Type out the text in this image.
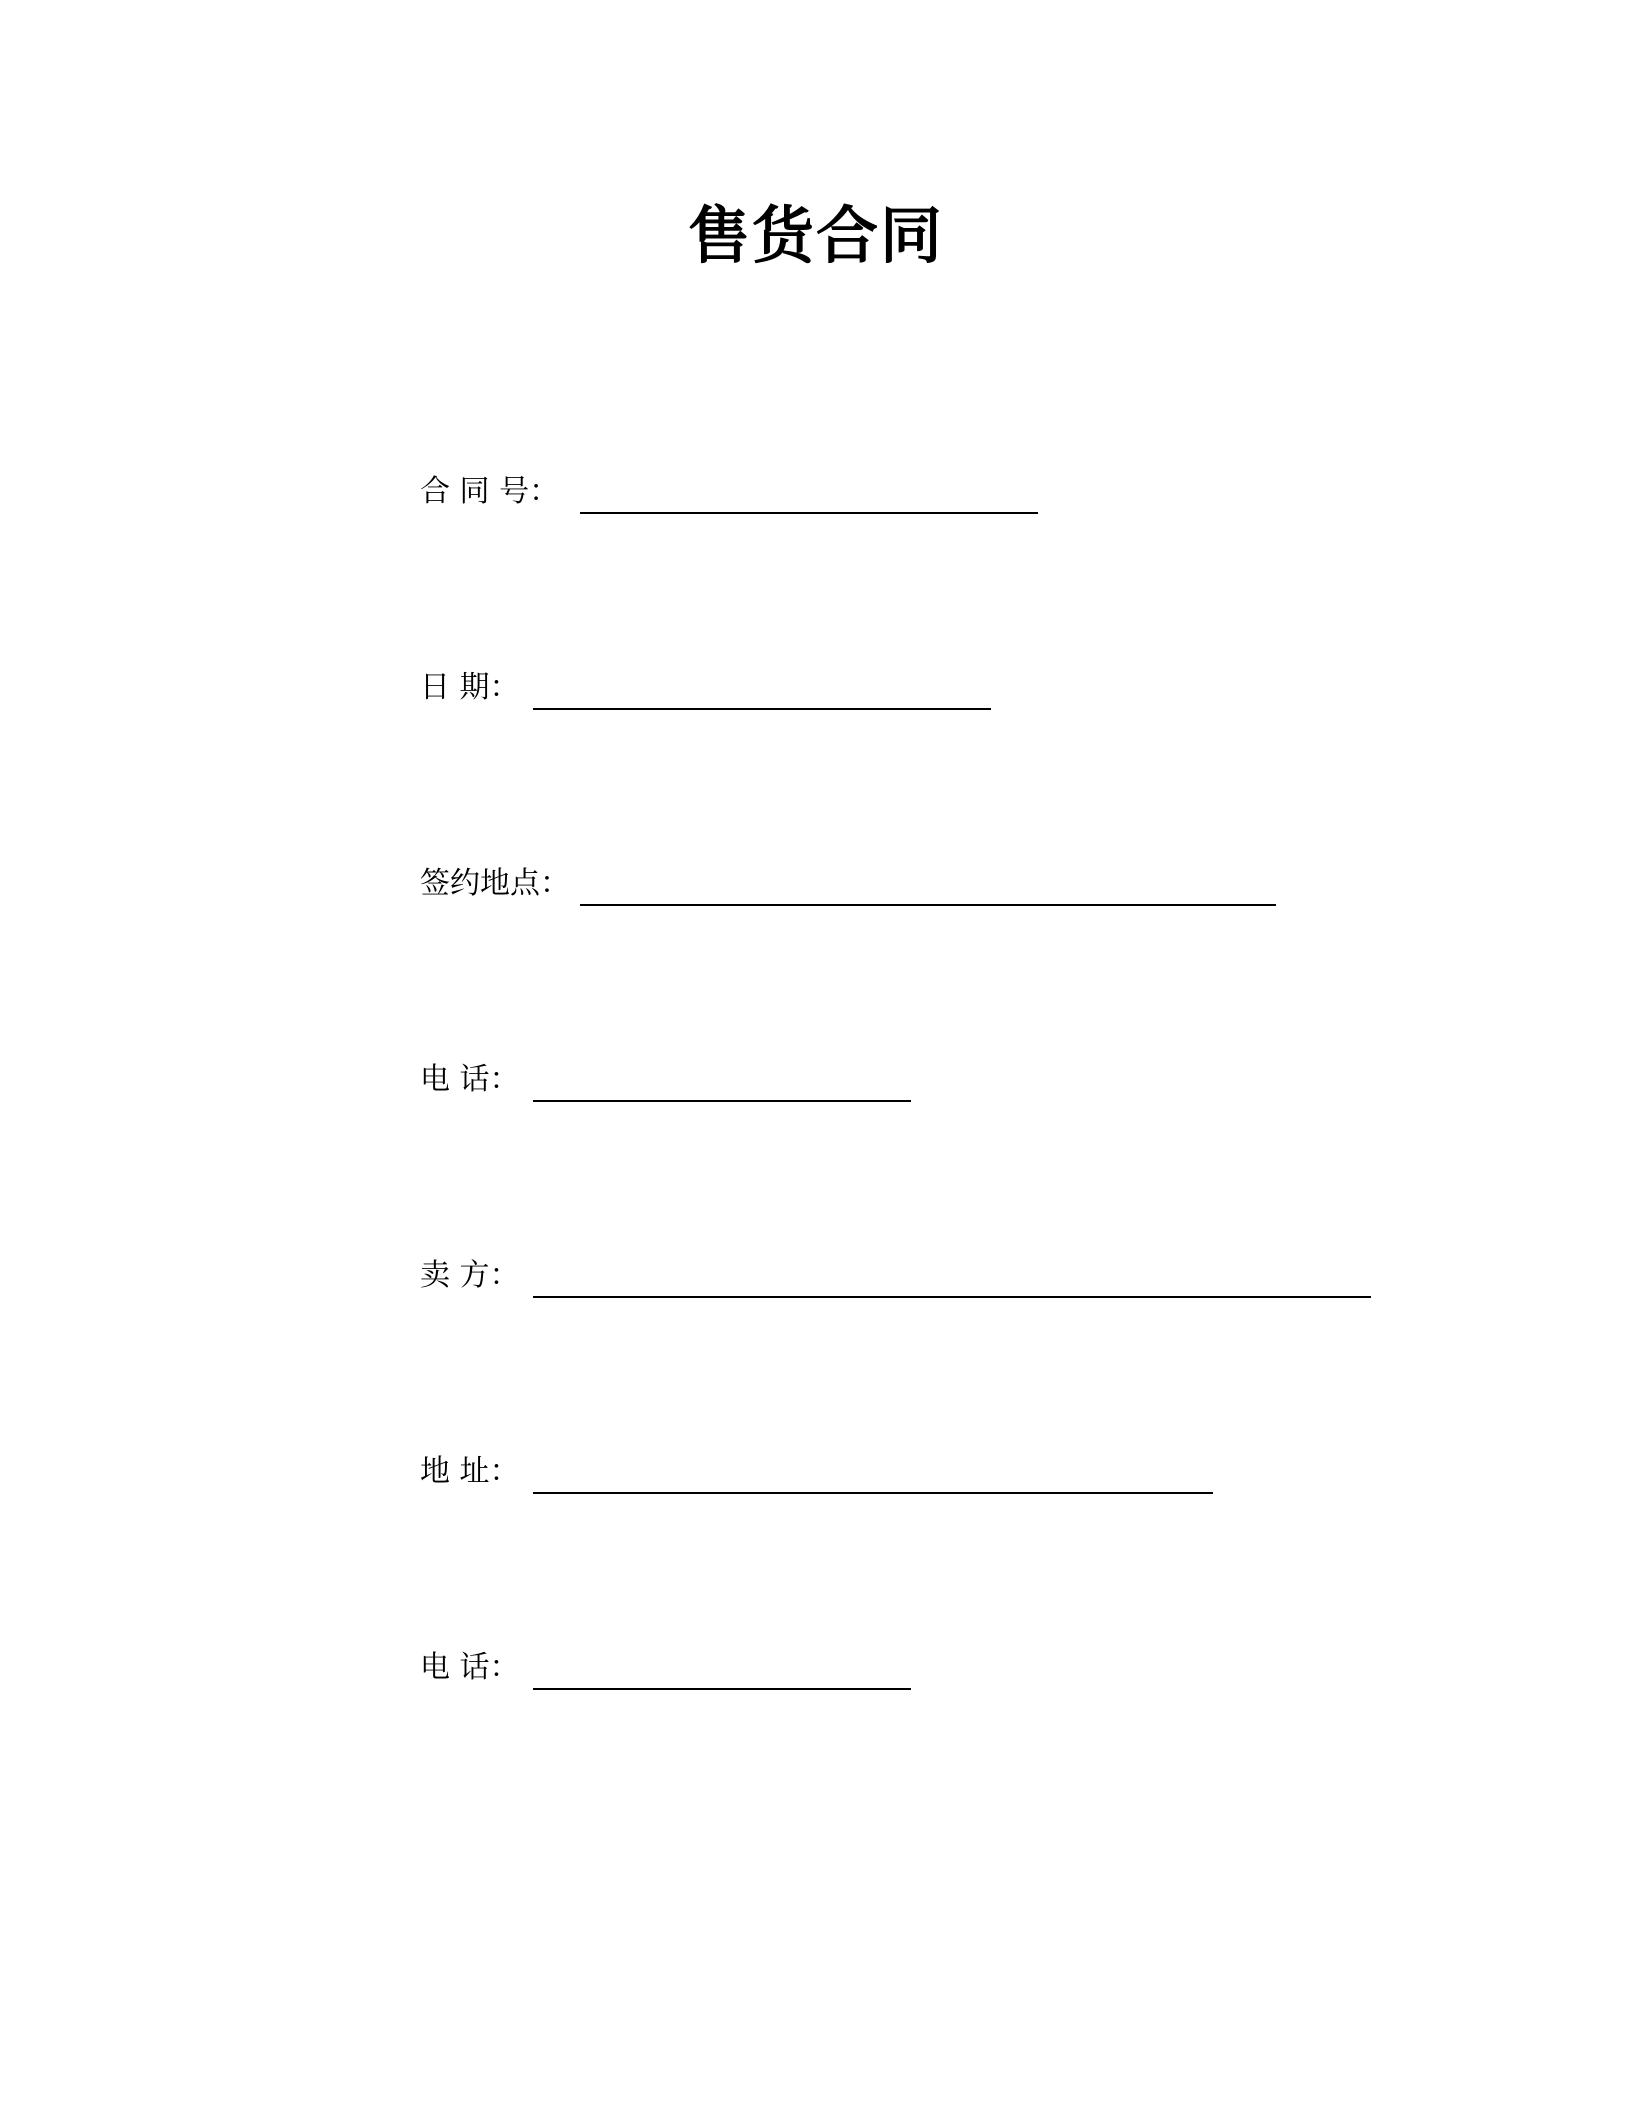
售货合同
合 同 号：
日 期：
签约地点：
电 话：
卖 方：
地 址：
电 话：
